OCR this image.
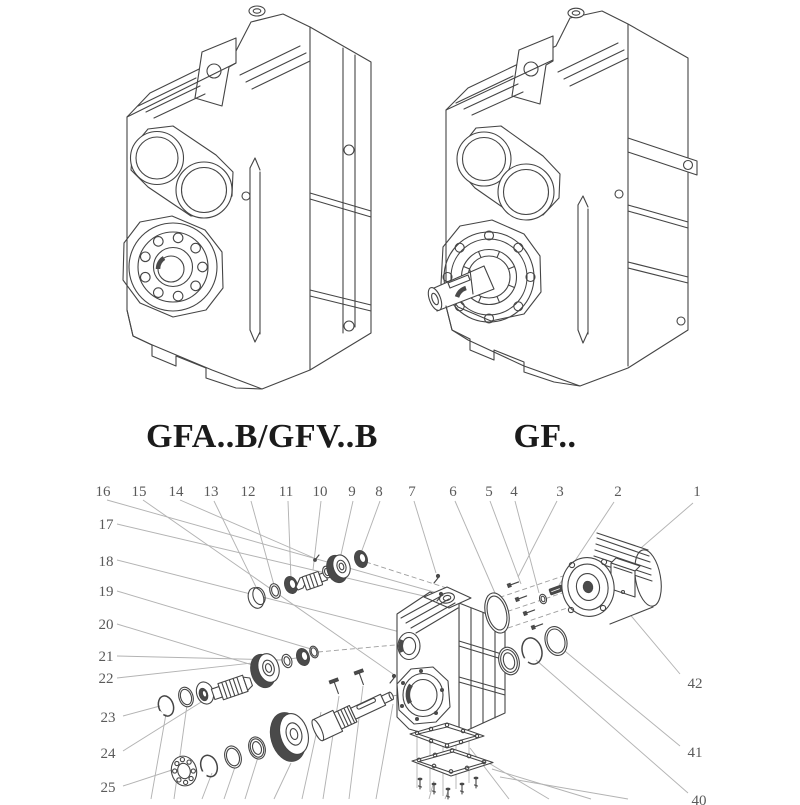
GFA..B/GFV..B	GF..
16 15 14 13 12 11 10 9 8 7 6 5 4	3	2	1
17
18
19
20
21
22
23
24
25
42
41
40
